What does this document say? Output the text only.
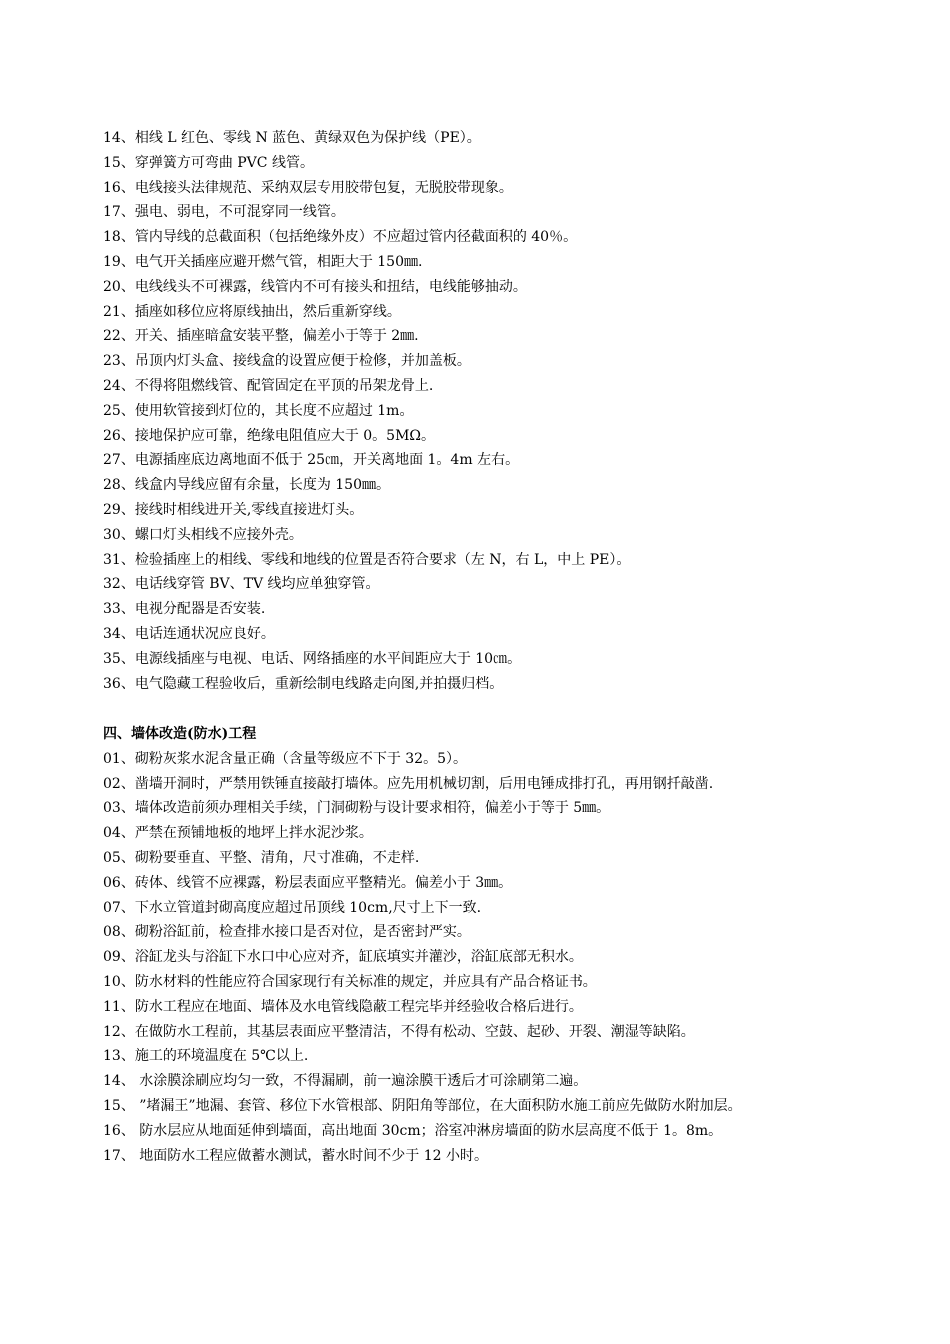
14、相线 L 红色、零线 N 蓝色、黄绿双色为保护线（PE）。
15、穿弹簧方可弯曲 PVC 线管。
16、电线接头法律规范、采纳双层专用胶带包复，无脱胶带现象。
17、强电、弱电，不可混穿同一线管。
18、管内导线的总截面积（包括绝缘外皮）不应超过管内径截面积的 40％。
19、电气开关插座应避开燃气管，相距大于 150㎜.
20、电线线头不可裸露，线管内不可有接头和扭结，电线能够抽动。
21、插座如移位应将原线抽出，然后重新穿线。
22、开关、插座暗盒安装平整，偏差小于等于 2㎜.
23、吊顶内灯头盒、接线盒的设置应便于检修，并加盖板。
24、不得将阻燃线管、配管固定在平顶的吊架龙骨上.
25、使用软管接到灯位的，其长度不应超过 1m。
26、接地保护应可靠，绝缘电阻值应大于 0。5MΩ。
27、电源插座底边离地面不低于 25㎝，开关离地面 1。4m 左右。
28、线盒内导线应留有余量，长度为 150㎜。
29、接线时相线进开关,零线直接进灯头。
30、螺口灯头相线不应接外壳。
31、检验插座上的相线、零线和地线的位置是否符合要求（左 N，右 L，中上 PE）。
32、电话线穿管 BV、TV 线均应单独穿管。
33、电视分配器是否安装.
34、电话连通状况应良好。
35、电源线插座与电视、电话、网络插座的水平间距应大于 10㎝。
36、电气隐藏工程验收后，重新绘制电线路走向图,并拍摄归档。
四、墙体改造(防水)工程
01、砌粉灰浆水泥含量正确（含量等级应不下于 32。5）。
02、凿墙开洞时，严禁用铁锤直接敲打墙体。应先用机械切割，后用电锤成排打孔，再用钢扦敲凿.
03、墙体改造前须办理相关手续，门洞砌粉与设计要求相符，偏差小于等于 5㎜。
04、严禁在预铺地板的地坪上拌水泥沙浆。
05、砌粉要垂直、平整、清角，尺寸准确，不走样.
06、砖体、线管不应裸露，粉层表面应平整精光。偏差小于 3㎜。
07、下水立管道封砌高度应超过吊顶线 10cm,尺寸上下一致.
08、砌粉浴缸前，检查排水接口是否对位，是否密封严实。
09、浴缸龙头与浴缸下水口中心应对齐，缸底填实并灌沙，浴缸底部无积水。
10、防水材料的性能应符合国家现行有关标准的规定，并应具有产品合格证书。
11、防水工程应在地面、墙体及水电管线隐蔽工程完毕并经验收合格后进行。
12、在做防水工程前，其基层表面应平整清洁，不得有松动、空鼓、起砂、开裂、潮湿等缺陷。
13、施工的环境温度在 5℃以上.
14、 水涂膜涂刷应均匀一致，不得漏刷，前一遍涂膜干透后才可涂刷第二遍。
15、 ”堵漏王”地漏、套管、移位下水管根部、阴阳角等部位，在大面积防水施工前应先做防水附加层。
16、 防水层应从地面延伸到墙面，高出地面 30cm；浴室冲淋房墙面的防水层高度不低于 1。8m。
17、 地面防水工程应做蓄水测试，蓄水时间不少于 12 小时。
